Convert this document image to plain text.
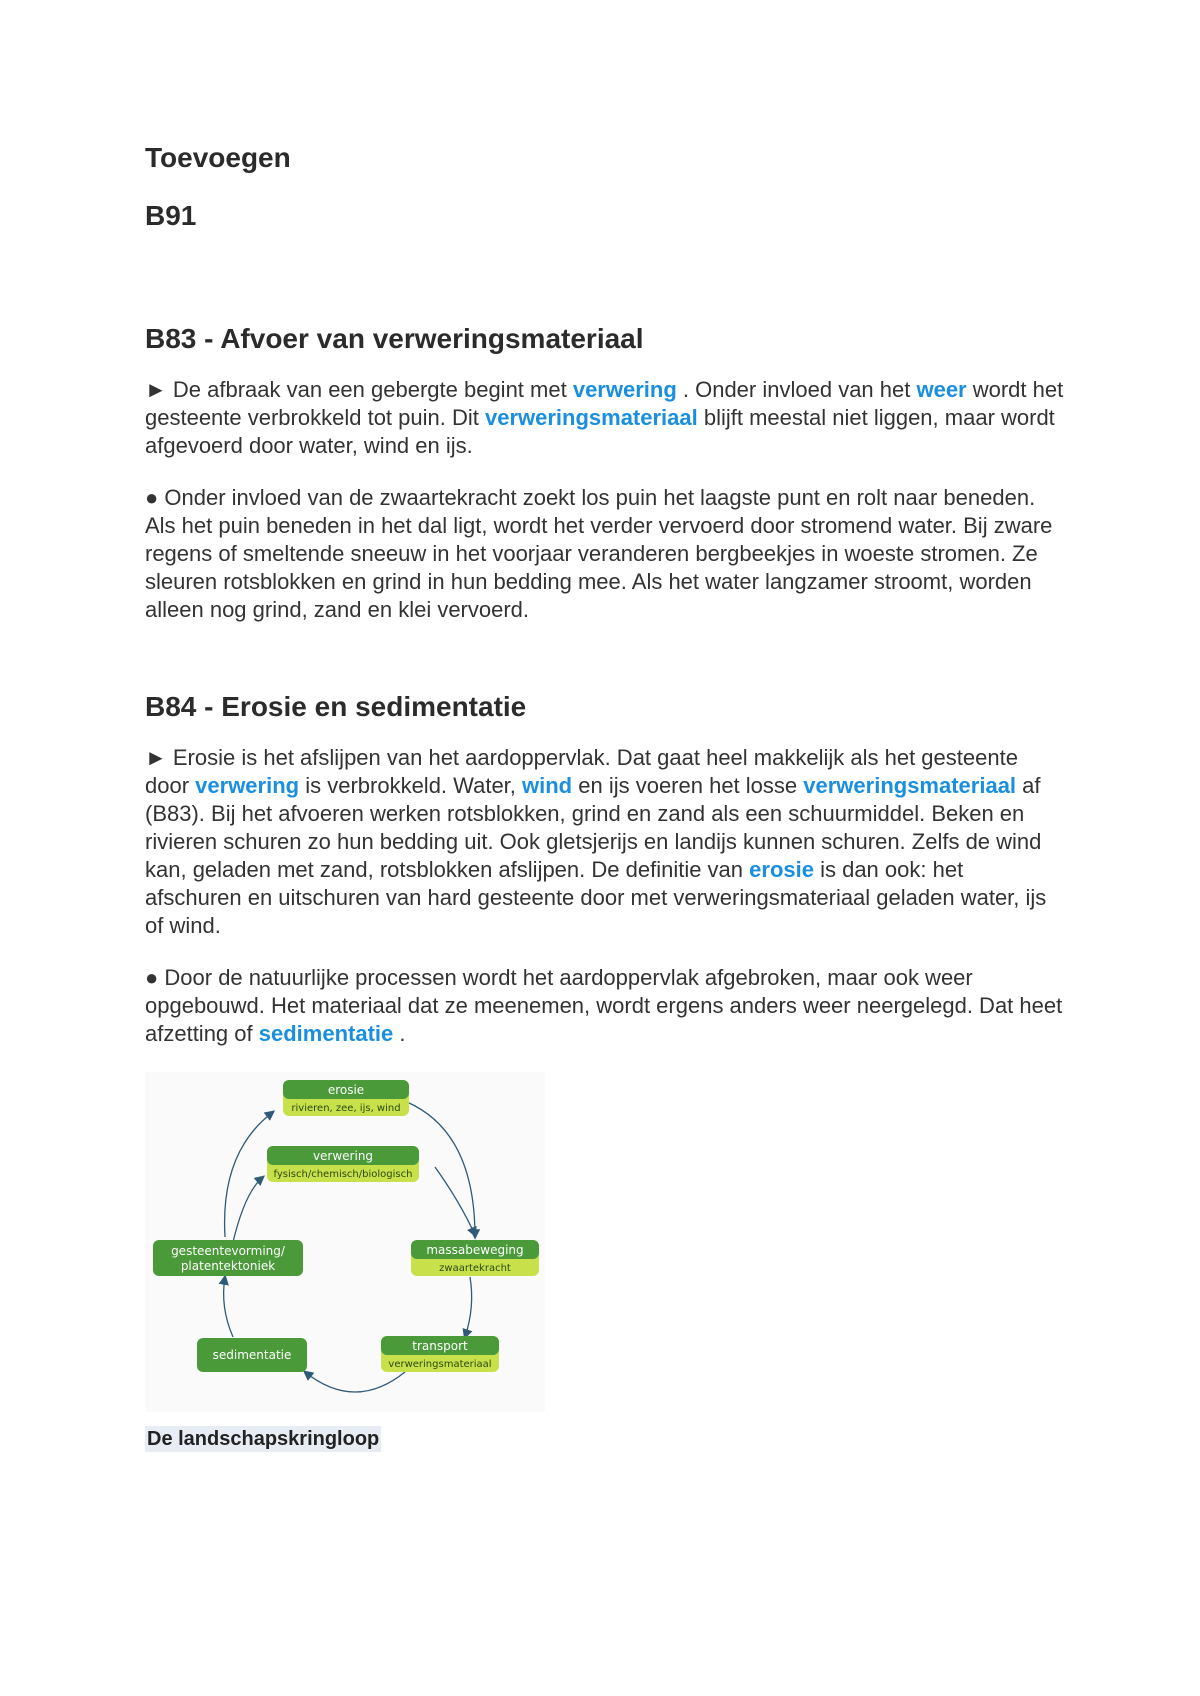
Toevoegen
B91
B83 - Afvoer van verweringsmateriaal

► De afbraak van een gebergte begint met verwering . Onder invloed van het weer wordt het gesteente verbrokkeld tot puin. Dit verweringsmateriaal blijft meestal niet liggen, maar wordt afgevoerd door water, wind en ijs.

● Onder invloed van de zwaartekracht zoekt los puin het laagste punt en rolt naar beneden. Als het puin beneden in het dal ligt, wordt het verder vervoerd door stromend water. Bij zware regens of smeltende sneeuw in het voorjaar veranderen bergbeekjes in woeste stromen. Ze sleuren rotsblokken en grind in hun bedding mee. Als het water langzamer stroomt, worden alleen nog grind, zand en klei vervoerd.

B84 - Erosie en sedimentatie

► Erosie is het afslijpen van het aardoppervlak. Dat gaat heel makkelijk als het gesteente door verwering is verbrokkeld. Water, wind en ijs voeren het losse verweringsmateriaal af (B83). Bij het afvoeren werken rotsblokken, grind en zand als een schuurmiddel. Beken en rivieren schuren zo hun bedding uit. Ook gletsjerijs en landijs kunnen schuren. Zelfs de wind kan, geladen met zand, rotsblokken afslijpen. De definitie van erosie is dan ook: het afschuren en uitschuren van hard gesteente door met verweringsmateriaal geladen water, ijs of wind.

● Door de natuurlijke processen wordt het aardoppervlak afgebroken, maar ook weer opgebouwd. Het materiaal dat ze meenemen, wordt ergens anders weer neergelegd. Dat heet afzetting of sedimentatie .

erosie
rivieren, zee, ijs, wind
verwering
fysisch/chemisch/biologisch
massabeweging
zwaartekracht
gesteentevorming/
platentektoniek
transport
verweringsmateriaal
sedimentatie
De landschapskringloop
